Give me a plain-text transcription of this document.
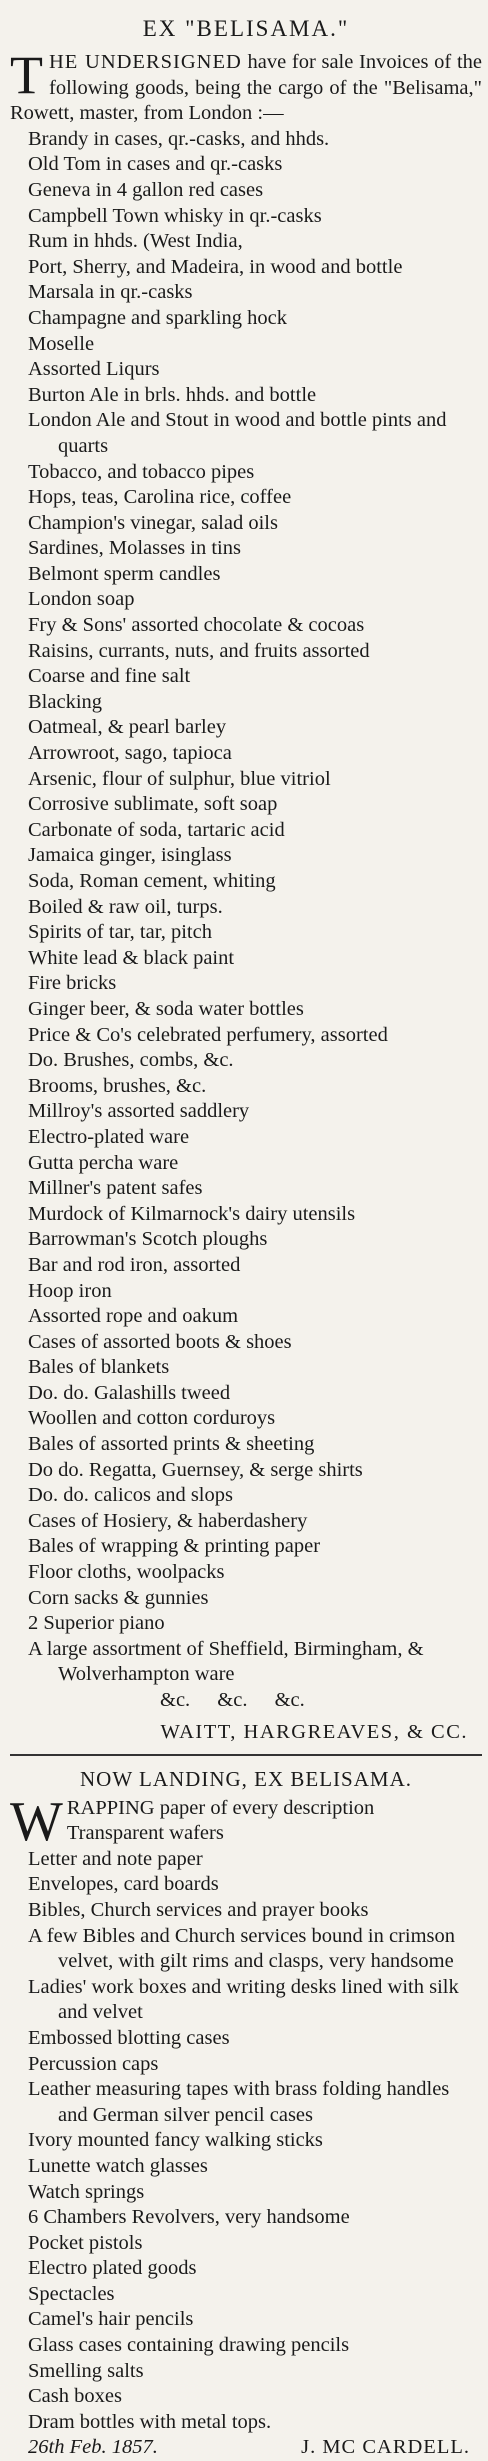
EX "BELISAMA."

THE UNDERSIGNED have for sale Invoices of the following goods, being the cargo of the "Belisama," Rowett, master, from London :—

Brandy in cases, qr.-casks, and hhds.
Old Tom in cases and qr.-casks
Geneva in 4 gallon red cases
Campbell Town whisky in qr.-casks
Rum in hhds. (West India,
Port, Sherry, and Madeira, in wood and bottle
Marsala in qr.-casks
Champagne and sparkling hock
Moselle
Assorted Liqurs
Burton Ale in brls. hhds. and bottle
London Ale and Stout in wood and bottle pints and quarts
Tobacco, and tobacco pipes
Hops, teas, Carolina rice, coffee
Champion's vinegar, salad oils
Sardines, Molasses in tins
Belmont sperm candles
London soap
Fry & Sons' assorted chocolate & cocoas
Raisins, currants, nuts, and fruits assorted
Coarse and fine salt
Blacking
Oatmeal, & pearl barley
Arrowroot, sago, tapioca
Arsenic, flour of sulphur, blue vitriol
Corrosive sublimate, soft soap
Carbonate of soda, tartaric acid
Jamaica ginger, isinglass
Soda, Roman cement, whiting
Boiled & raw oil, turps.
Spirits of tar, tar, pitch
White lead & black paint
Fire bricks
Ginger beer, & soda water bottles
Price & Co's celebrated perfumery, assorted
Do. Brushes, combs, &c.
Brooms, brushes, &c.
Millroy's assorted saddlery
Electro-plated ware
Gutta percha ware
Millner's patent safes
Murdock of Kilmarnock's dairy utensils
Barrowman's Scotch ploughs
Bar and rod iron, assorted
Hoop iron
Assorted rope and oakum
Cases of assorted boots & shoes
Bales of blankets
Do. do. Galashills tweed
Woollen and cotton corduroys
Bales of assorted prints & sheeting
Do do. Regatta, Guernsey, & serge shirts
Do. do. calicos and slops
Cases of Hosiery, & haberdashery
Bales of wrapping & printing paper
Floor cloths, woolpacks
Corn sacks & gunnies
2 Superior piano
A large assortment of Sheffield, Birmingham, & Wolverhampton ware
&c. &c. &c.
WAITT, HARGREAVES, & CC.
NOW LANDING, EX BELISAMA.

WRAPPING paper of every description

Transparent wafers
Letter and note paper
Envelopes, card boards
Bibles, Church services and prayer books
A few Bibles and Church services bound in crimson velvet, with gilt rims and clasps, very handsome
Ladies' work boxes and writing desks lined with silk and velvet
Embossed blotting cases
Percussion caps
Leather measuring tapes with brass folding handles and German silver pencil cases
Ivory mounted fancy walking sticks
Lunette watch glasses
Watch springs
6 Chambers Revolvers, very handsome
Pocket pistols
Electro plated goods
Spectacles
Camel's hair pencils
Glass cases containing drawing pencils
Smelling salts
Cash boxes
Dram bottles with metal tops.
26th Feb. 1857.	J. MC CARDELL.
